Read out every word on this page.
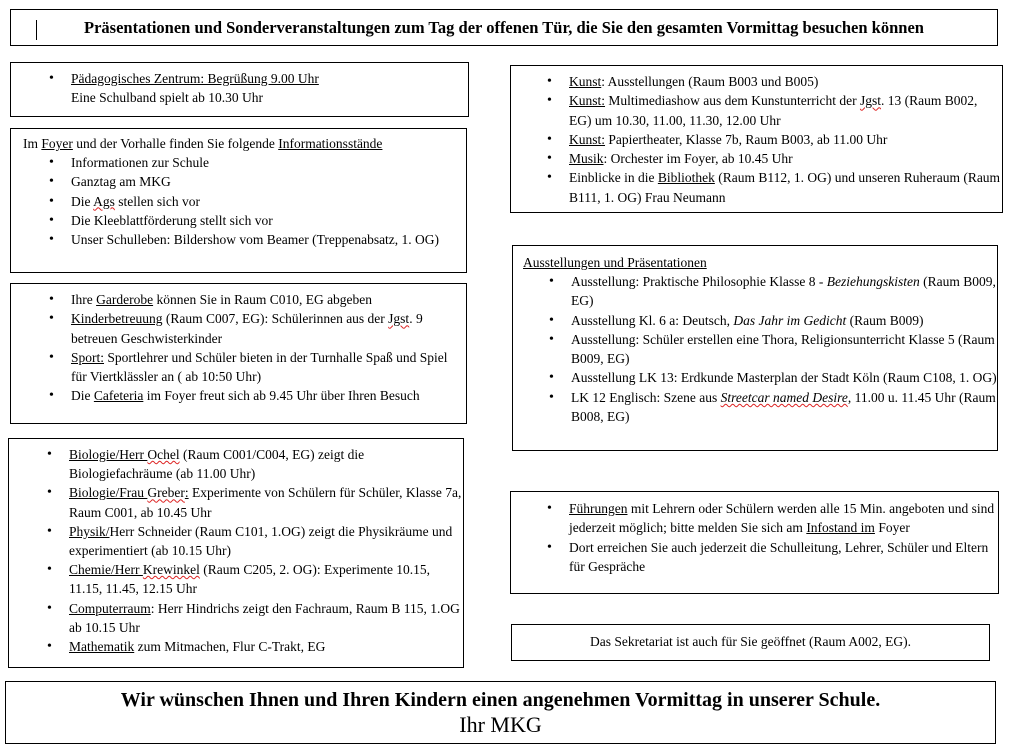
Präsentationen und Sonderveranstaltungen zum Tag der offenen Tür, die Sie den gesamten Vormittag besuchen können
• Pädagogisches Zentrum: Begrüßung 9.00 Uhr
Eine Schulband spielt ab 10.30 Uhr
Im Foyer und der Vorhalle finden Sie folgende Informationsstände
• Informationen zur Schule
• Ganztag am MKG
• Die Ags stellen sich vor
• Die Kleeblattförderung stellt sich vor
• Unser Schulleben: Bildershow vom Beamer (Treppenabsatz, 1. OG)
• Ihre Garderobe können Sie in Raum C010, EG abgeben
• Kinderbetreuung (Raum C007, EG): Schülerinnen aus der Jgst. 9 betreuen Geschwisterkinder
• Sport: Sportlehrer und Schüler bieten in der Turnhalle Spaß und Spiel für Viertklässler an ( ab 10:50 Uhr)
• Die Cafeteria im Foyer freut sich ab 9.45 Uhr über Ihren Besuch
• Biologie/Herr Ochel (Raum C001/C004, EG) zeigt die Biologiefachräume (ab 11.00 Uhr)
• Biologie/Frau Greber: Experimente von Schülern für Schüler, Klasse 7a, Raum C001, ab 10.45 Uhr
• Physik/Herr Schneider (Raum C101, 1.OG) zeigt die Physikräume und experimentiert (ab 10.15 Uhr)
• Chemie/Herr Krewinkel (Raum C205, 2. OG): Experimente 10.15, 11.15, 11.45, 12.15 Uhr
• Computerraum: Herr Hindrichs zeigt den Fachraum, Raum B 115, 1.OG ab 10.15 Uhr
• Mathematik zum Mitmachen, Flur C-Trakt, EG
• Kunst: Ausstellungen (Raum B003 und B005)
• Kunst: Multimediashow aus dem Kunstunterricht der Jgst. 13 (Raum B002, EG) um 10.30, 11.00, 11.30, 12.00 Uhr
• Kunst: Papiertheater, Klasse 7b, Raum B003, ab 11.00 Uhr
• Musik: Orchester im Foyer, ab 10.45 Uhr
• Einblicke in die Bibliothek (Raum B112, 1. OG) und unseren Ruheraum (Raum B111, 1. OG) Frau Neumann
Ausstellungen und Präsentationen
• Ausstellung: Praktische Philosophie Klasse 8 - Beziehungskisten (Raum B009, EG)
• Ausstellung Kl. 6 a: Deutsch, Das Jahr im Gedicht (Raum B009)
• Ausstellung: Schüler erstellen eine Thora, Religionsunterricht Klasse 5 (Raum B009, EG)
• Ausstellung LK 13: Erdkunde Masterplan der Stadt Köln (Raum C108, 1. OG)
• LK 12 Englisch: Szene aus Streetcar named Desire, 11.00 u. 11.45 Uhr (Raum B008, EG)
• Führungen mit Lehrern oder Schülern werden alle 15 Min. angeboten und sind jederzeit möglich; bitte melden Sie sich am Infostand im Foyer
• Dort erreichen Sie auch jederzeit die Schulleitung, Lehrer, Schüler und Eltern für Gespräche
Das Sekretariat ist auch für Sie geöffnet (Raum A002, EG).
Wir wünschen Ihnen und Ihren Kindern einen angenehmen Vormittag in unserer Schule.
Ihr MKG
